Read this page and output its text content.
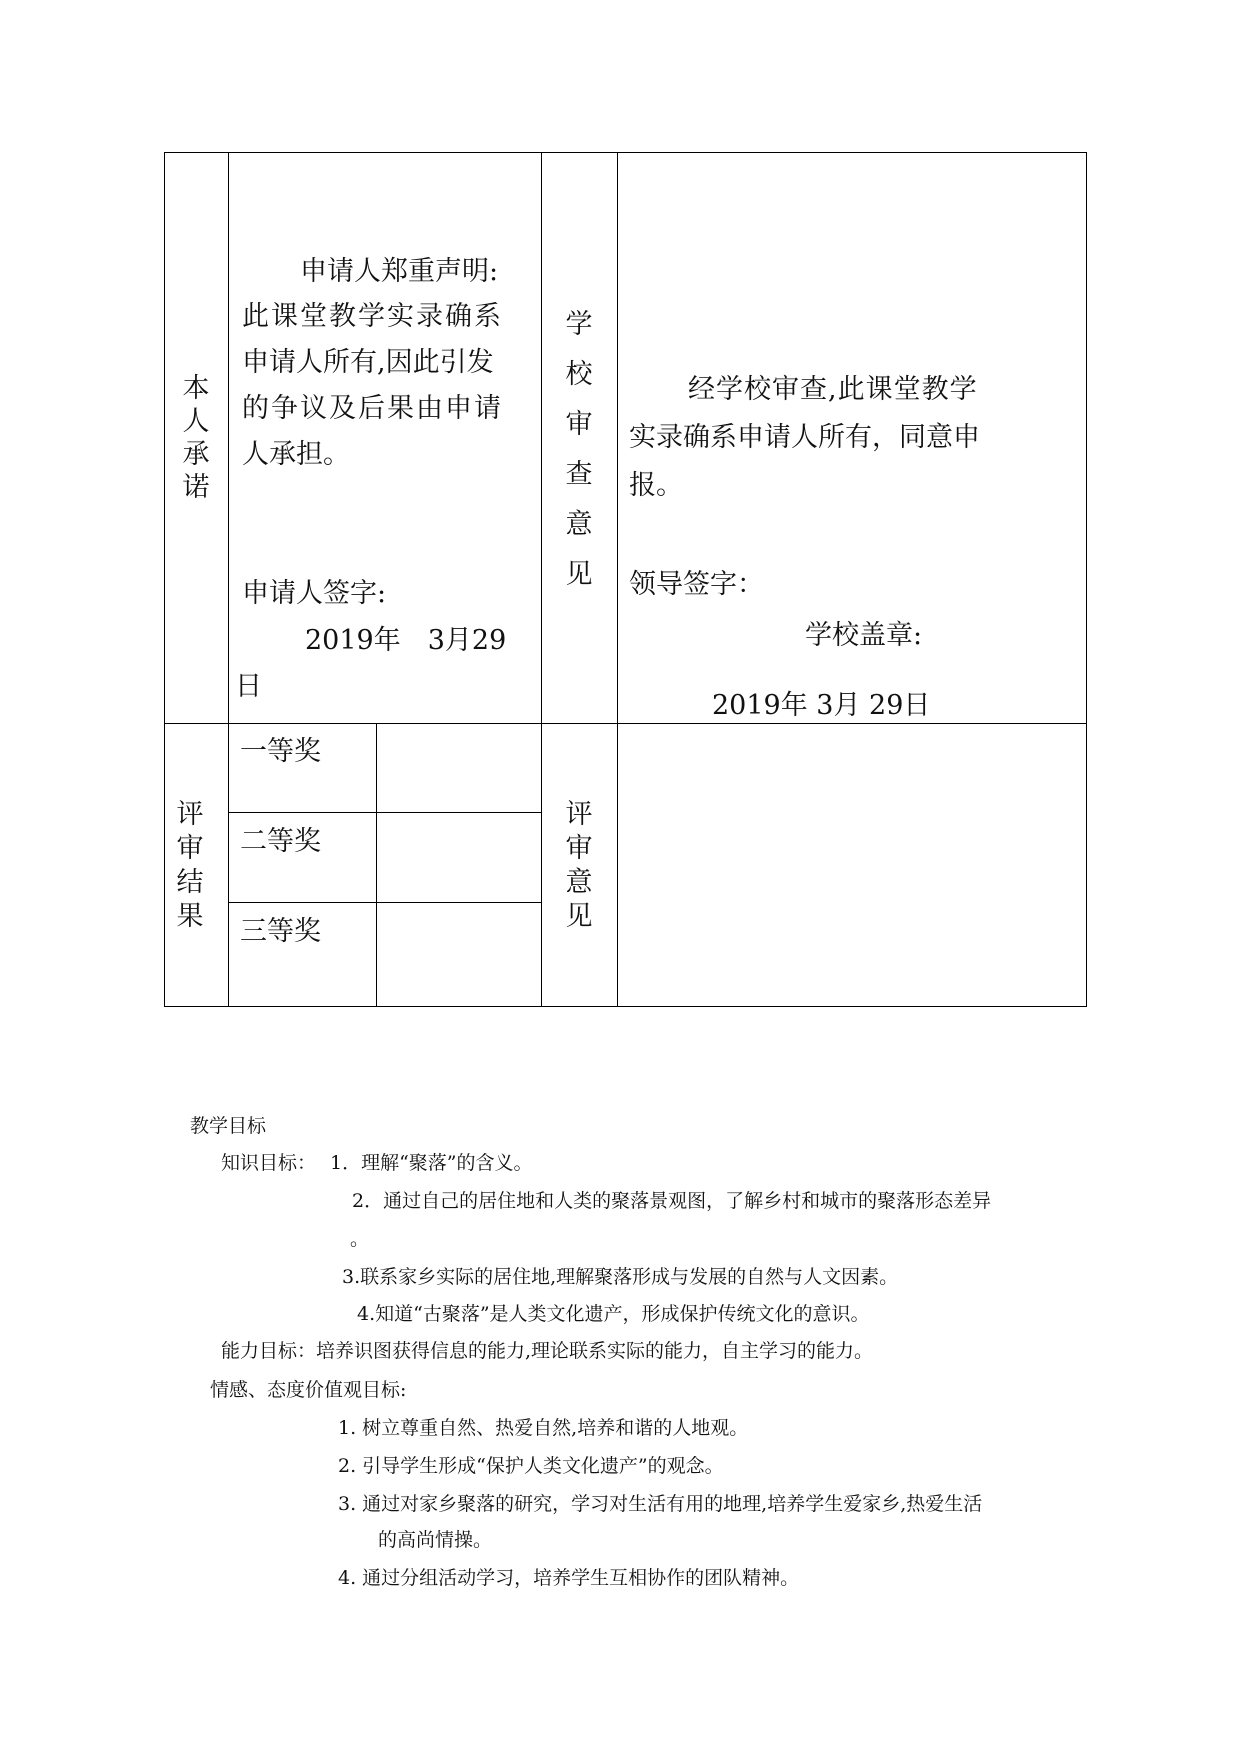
本人承诺
申请人郑重声明:
此课堂教学实录确系
申请人所有,因此引发
的争议及后果由申请
人承担。
申请人签字:
2019年　3月29
日
学校审查意见
经学校审查,此课堂教学
实录确系申请人所有，同意申
报。
领导签字：
学校盖章:
2019年 3月 29日
评审结果
一等奖
二等奖
三等奖
评审意见
教学目标
知识目标： 1．理解“聚落”的含义。
2．通过自己的居住地和人类的聚落景观图，了解乡村和城市的聚落形态差异
。
3.联系家乡实际的居住地,理解聚落形成与发展的自然与人文因素。
4.知道“古聚落”是人类文化遗产，形成保护传统文化的意识。
能力目标：培养识图获得信息的能力,理论联系实际的能力，自主学习的能力。
情感、态度价值观目标:
1. 树立尊重自然、热爱自然,培养和谐的人地观。
2. 引导学生形成“保护人类文化遗产”的观念。
3. 通过对家乡聚落的研究，学习对生活有用的地理,培养学生爱家乡,热爱生活
的高尚情操。
4. 通过分组活动学习，培养学生互相协作的团队精神。
